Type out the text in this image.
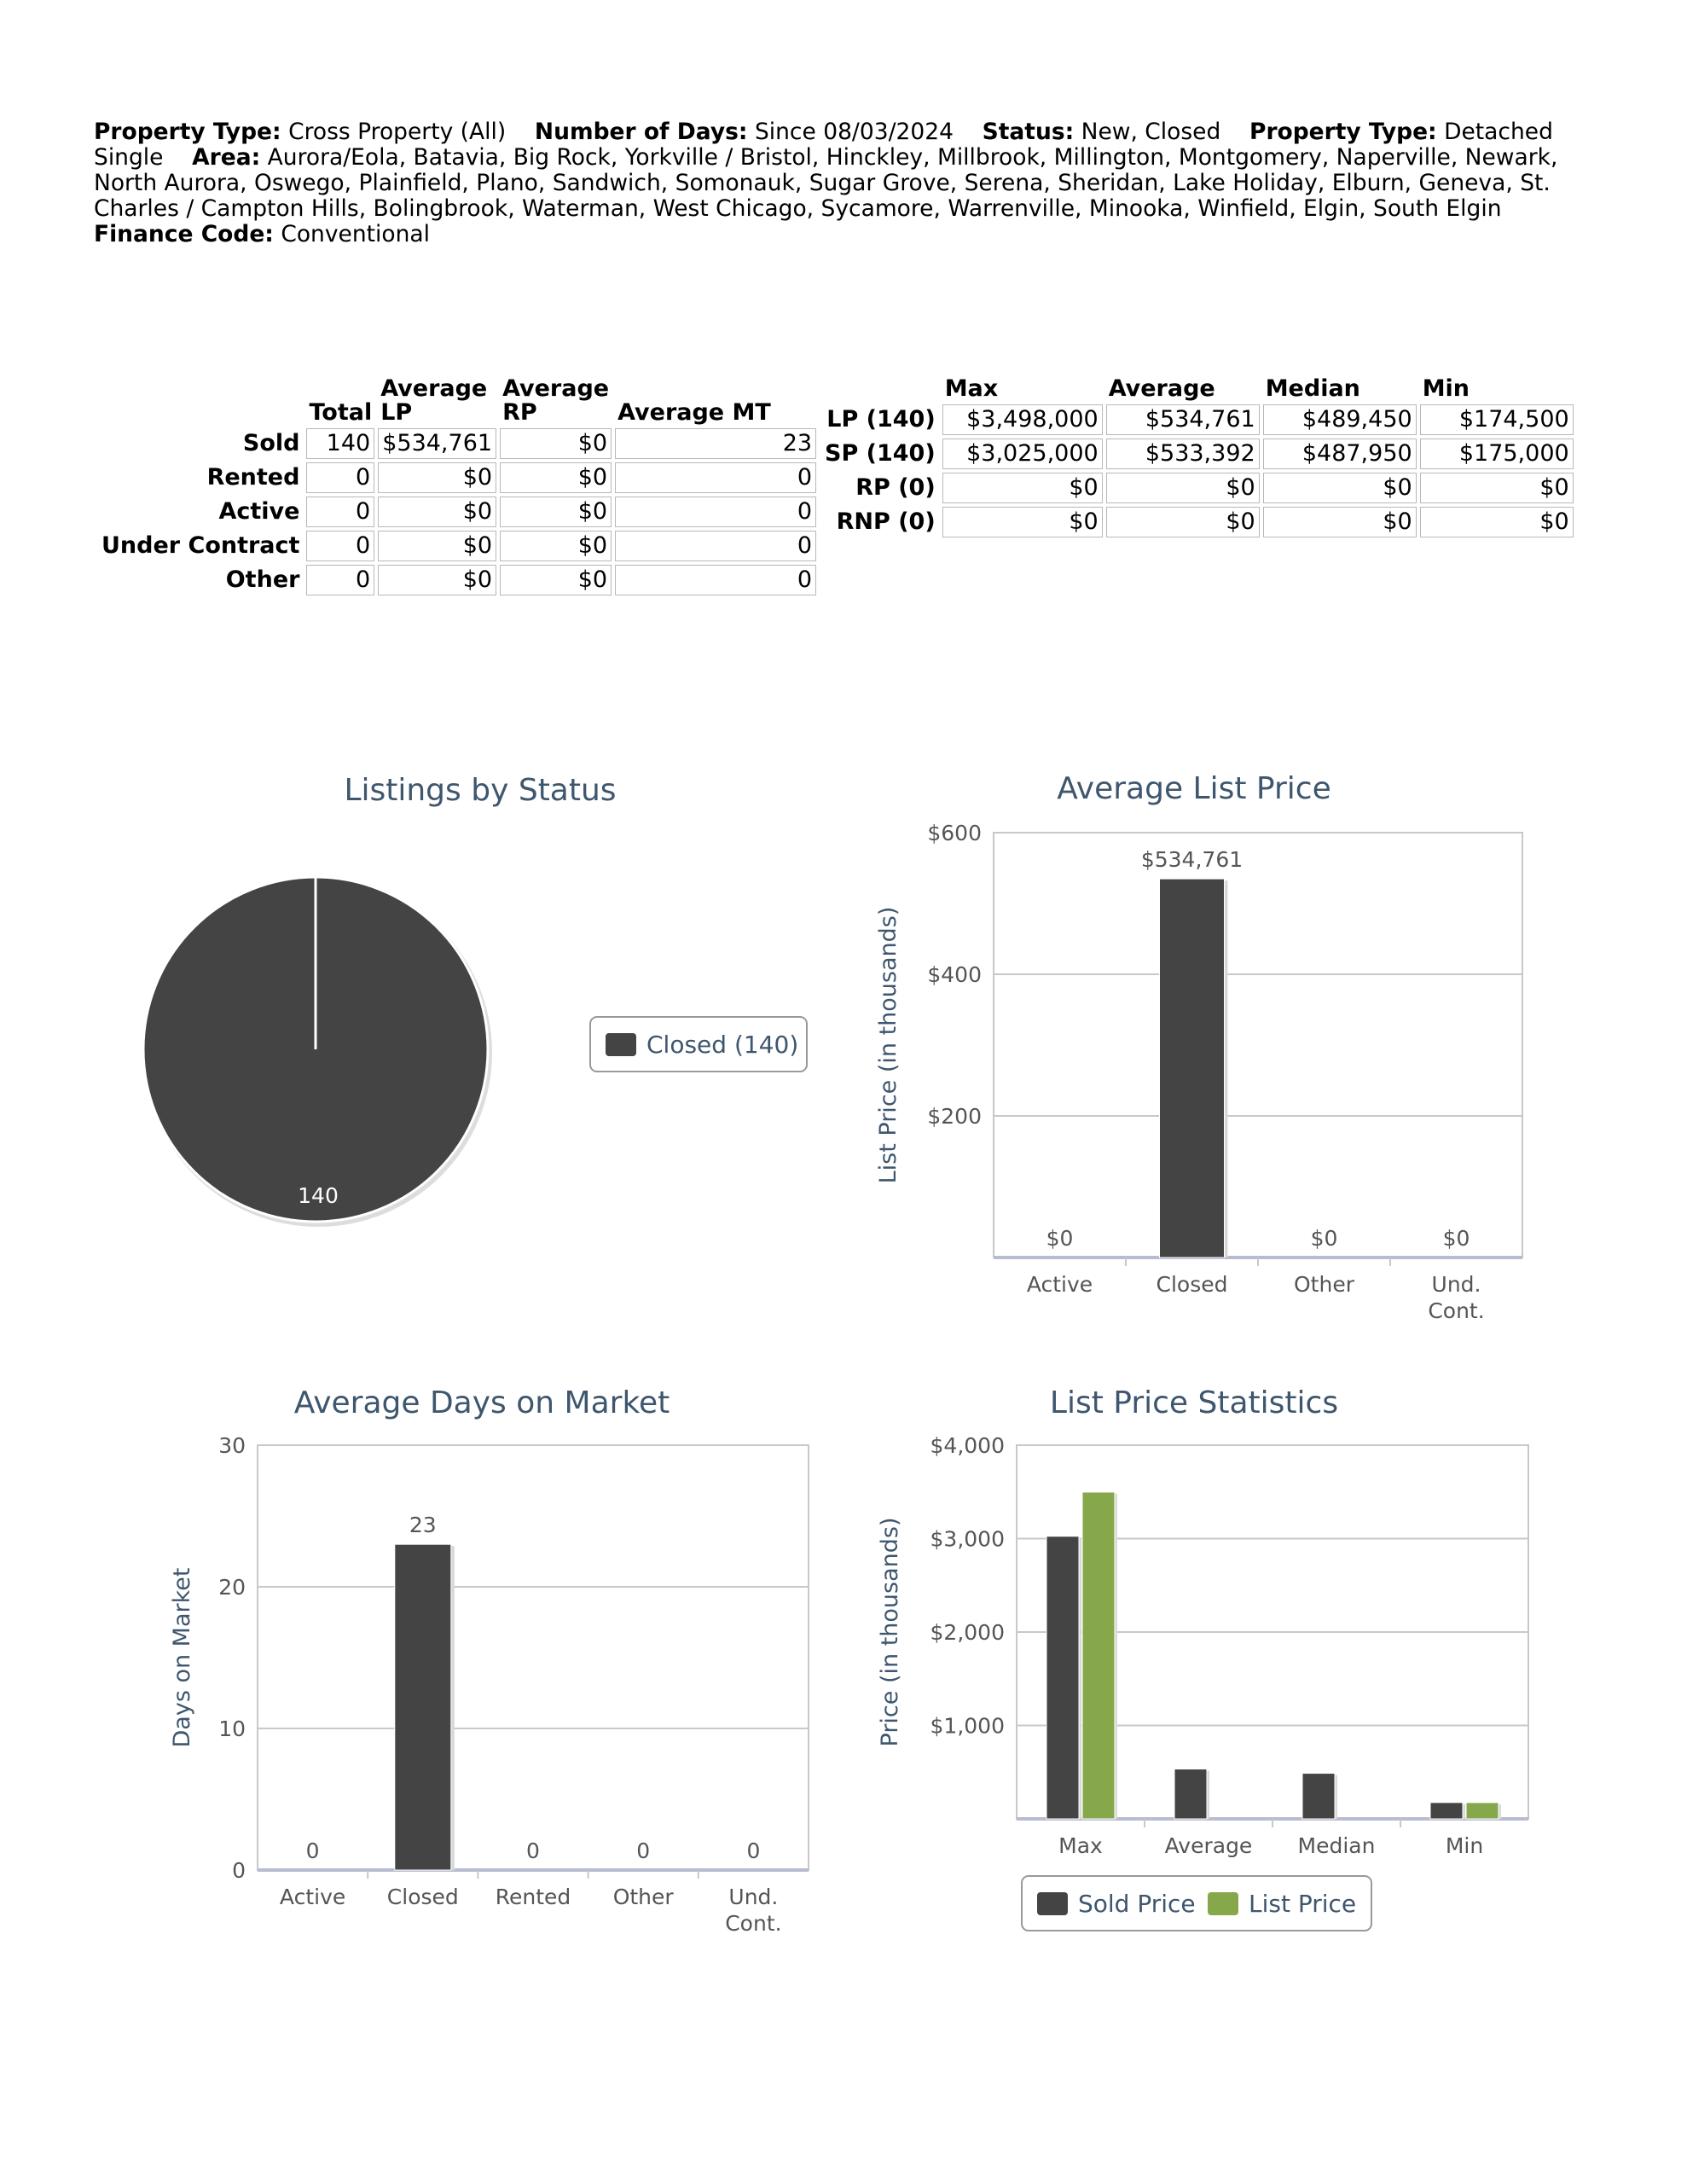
Property Type: Cross Property (All) Number of Days: Since 08/03/2024 Status: New, Closed Property Type: Detached Single Area: Aurora/Eola, Batavia, Big Rock, Yorkville / Bristol, Hinckley, Millbrook, Millington, Montgomery, Naperville, Newark, North Aurora, Oswego, Plainfield, Plano, Sandwich, Somonauk, Sugar Grove, Serena, Sheridan, Lake Holiday, Elburn, Geneva, St. Charles / Campton Hills, Bolingbrook, Waterman, West Chicago, Sycamore, Warrenville, Minooka, Winfield, Elgin, South Elgin    Finance Code: Conventional
	Total	Average LP	Average RP	Average MT
Sold	140	$534,761	$0	23
Rented	0	$0	$0	0
Active	0	$0	$0	0
Under Contract	0	$0	$0	0
Other	0	$0	$0	0
	Max	Average	Median	Min
LP (140)	$3,498,000	$534,761	$489,450	$174,500
SP (140)	$3,025,000	$533,392	$487,950	$175,000
RP (0)	$0	$0	$0	$0
RNP (0)	$0	$0	$0	$0
Listings by Status
140
Closed (140)
Average List Price
$200
$400
$600
List Price (in thousands)
Active	Closed	Other	Und. Cont.
$0
$534,761
$0	$0
Average Days on Market
0
10
20
30
Days on Market
Active Closed Rented Other	Und. Cont.
0
23
0	0	0
List Price Statistics
$1,000
$2,000
$3,000
$4,000
Price (in thousands)
Max	Average Median	Min
Sold Price List Price
